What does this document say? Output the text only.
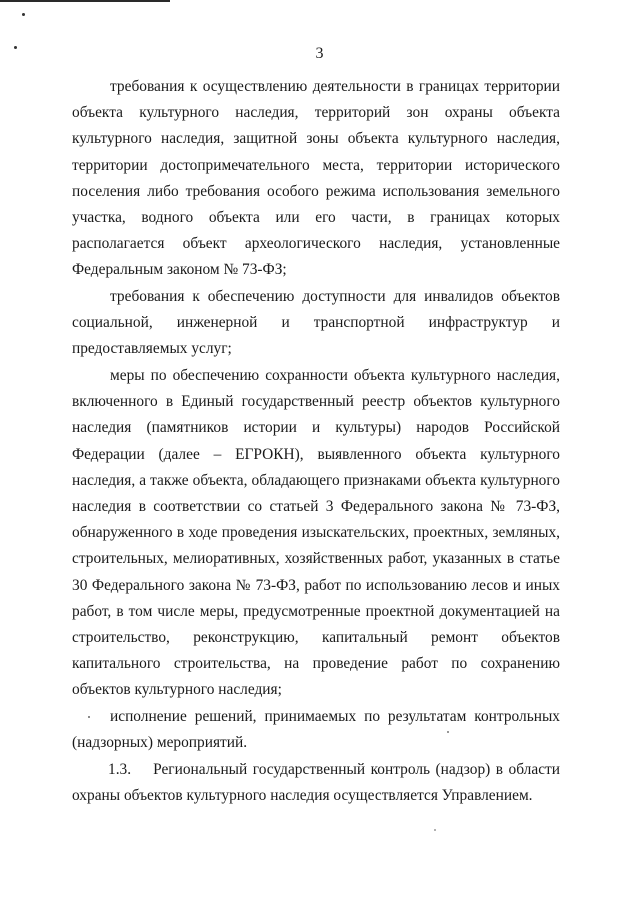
3

требования к осуществлению деятельности в границах территории объекта культурного наследия, территорий зон охраны объекта культурного наследия, защитной зоны объекта культурного наследия, территории достопримечательного места, территории исторического поселения либо требования особого режима использования земельного участка, водного объекта или его части, в границах которых располагается объект археологического наследия, установленные Федеральным законом № 73-ФЗ;

требования к обеспечению доступности для инвалидов объектов социальной, инженерной и транспортной инфраструктур и предоставляемых услуг;

меры по обеспечению сохранности объекта культурного наследия, включенного в Единый государственный реестр объектов культурного наследия (памятников истории и культуры) народов Российской Федерации (далее – ЕГРОКН), выявленного объекта культурного наследия, а также объекта, обладающего признаками объекта культурного наследия в соответствии со статьей 3 Федерального закона № 73-ФЗ, обнаруженного в ходе проведения изыскательских, проектных, земляных, строительных, мелиоративных, хозяйственных работ, указанных в статье 30 Федерального закона № 73-ФЗ, работ по использованию лесов и иных работ, в том числе меры, предусмотренные проектной документацией на строительство, реконструкцию, капитальный ремонт объектов капитального строительства, на проведение работ по сохранению объектов культурного наследия;

исполнение решений, принимаемых по результатам контрольных (надзорных) мероприятий.

1.3.    Региональный государственный контроль (надзор) в области охраны объектов культурного наследия осуществляется Управлением.
